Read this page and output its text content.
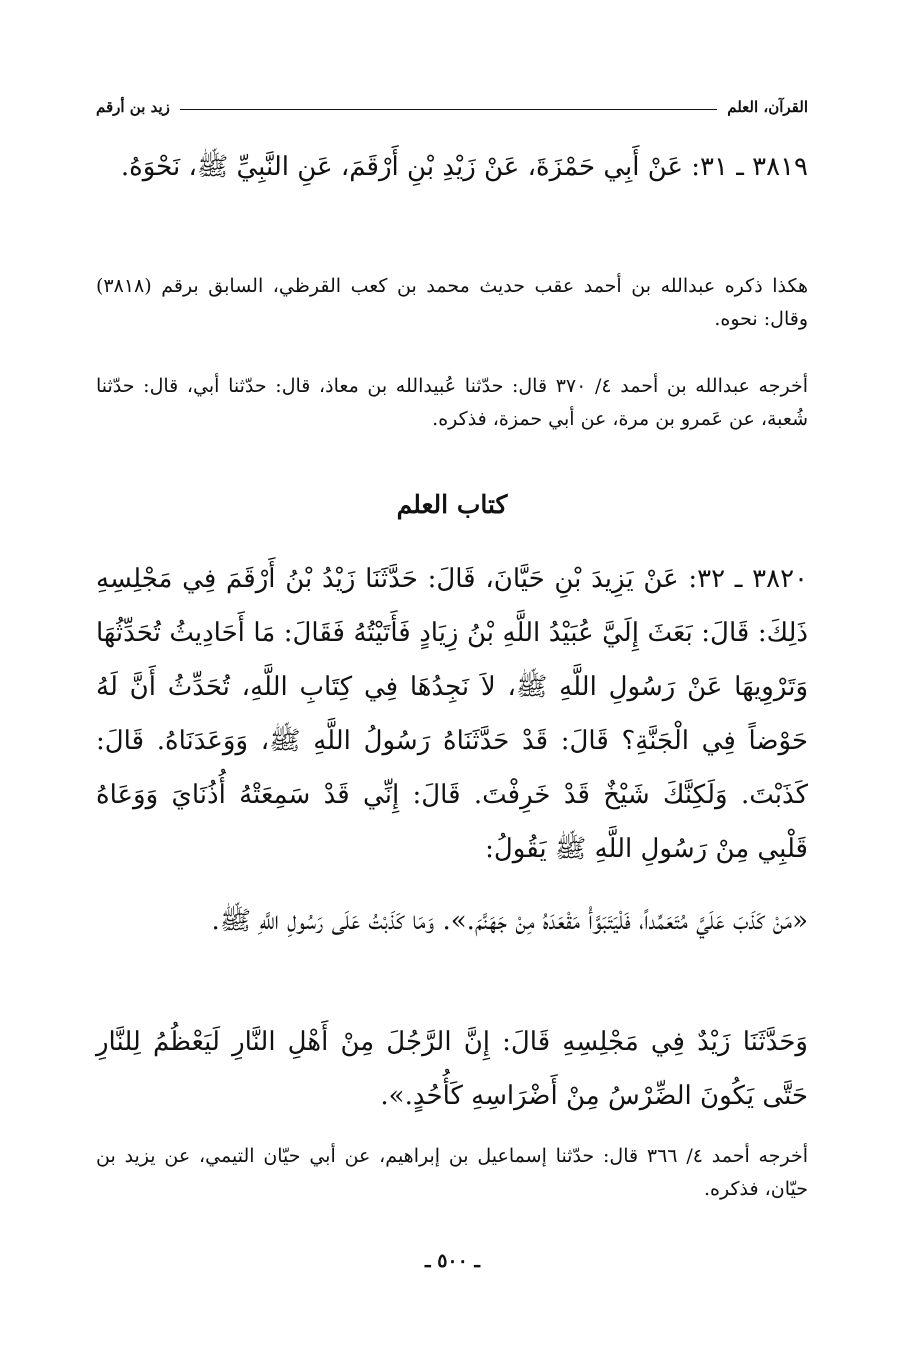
القرآن، العلم
زيد بن أرقم

٣٨١٩ ـ ٣١: عَنْ أَبِي حَمْزَةَ، عَنْ زَيْدِ بْنِ أَرْقَمَ، عَنِ النَّبِيِّ ﷺ، نَحْوَهُ.

هكذا ذكره عبدالله بن أحمد عقب حديث محمد بن كعب القرظي، السابق برقم (٣٨١٨) وقال: نحوه.

أخرجه عبدالله بن أحمد ٤/ ٣٧٠ قال: حدّثنا عُبيدالله بن معاذ، قال: حدّثنا أبي، قال: حدّثنا شُعبة، عن عَمرو بن مرة، عن أبي حمزة، فذكره.

كتاب العلم

٣٨٢٠ ـ ٣٢: عَنْ يَزِيدَ بْنِ حَيَّانَ، قَالَ: حَدَّثَنَا زَيْدُ بْنُ أَرْقَمَ فِي مَجْلِسِهِ ذَلِكَ: قَالَ: بَعَثَ إِلَيَّ عُبَيْدُ اللَّهِ بْنُ زِيَادٍ فَأَتَيْتُهُ فَقَالَ: مَا أَحَادِيثُ تُحَدِّثُهَا وَتَرْوِيهَا عَنْ رَسُولِ اللَّهِ ﷺ، لاَ نَجِدُهَا فِي كِتَابِ اللَّهِ، تُحَدِّثُ أَنَّ لَهُ حَوْضاً فِي الْجَنَّةِ؟ قَالَ: قَدْ حَدَّثَنَاهُ رَسُولُ اللَّهِ ﷺ، وَوَعَدَنَاهُ. قَالَ: كَذَبْتَ. وَلَكِنَّكَ شَيْخٌ قَدْ خَرِفْتَ. قَالَ: إِنِّي قَدْ سَمِعَتْهُ أُذُنَايَ وَوَعَاهُ قَلْبِي مِنْ رَسُولِ اللَّهِ ﷺ يَقُولُ:

«مَنْ كَذَبَ عَلَيَّ مُتَعَمِّداً، فَلْيَتَبَوَّأْ مَقْعَدَهُ مِنْ جَهَنَّمَ.». وَمَا كَذَبْتُ عَلَى رَسُولِ اللَّهِ ﷺ.

وَحَدَّثَنَا زَيْدٌ فِي مَجْلِسِهِ قَالَ: إِنَّ الرَّجُلَ مِنْ أَهْلِ النَّارِ لَيَعْظُمُ لِلنَّارِ حَتَّى يَكُونَ الضِّرْسُ مِنْ أَضْرَاسِهِ كَأُحُدٍ.».

أخرجه أحمد ٤/ ٣٦٦ قال: حدّثنا إسماعيل بن إبراهيم، عن أبي حيّان التيمي، عن يزيد بن حيّان، فذكره.

ـ ٥٠٠ ـ
